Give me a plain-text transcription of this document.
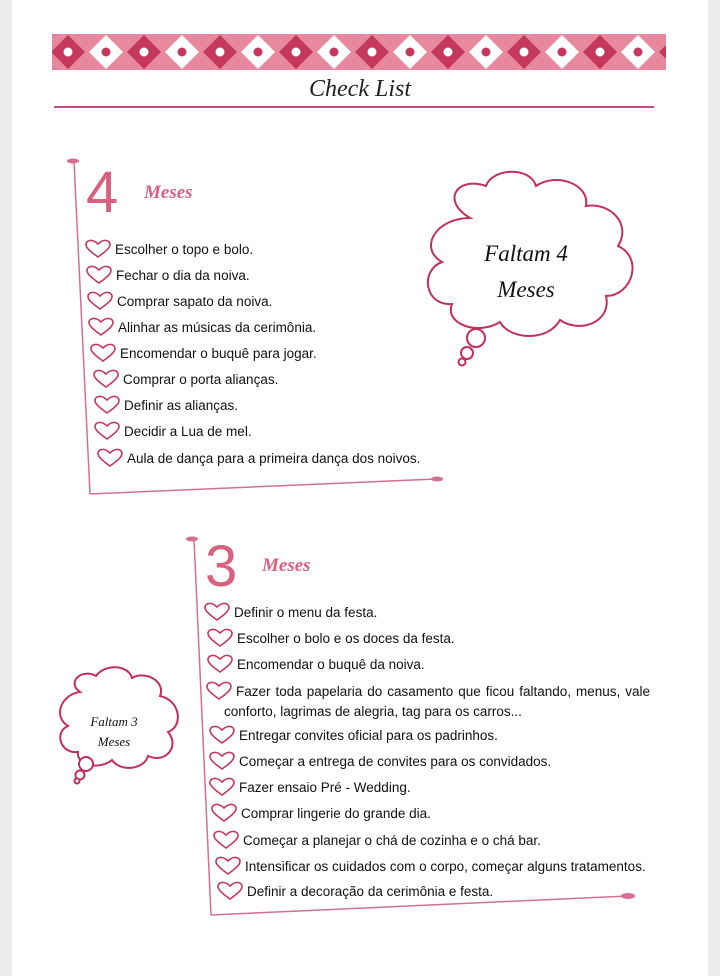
Check List
4 Meses
Faltam 4
Meses
Escolher o topo e bolo.
Fechar o dia da noiva.
Comprar sapato da noiva.
Alinhar as músicas da cerimônia.
Encomendar o buquê para jogar.
Comprar o porta alianças.
Definir as alianças.
Decidir a Lua de mel.
Aula de dança para a primeira dança dos noivos.
3 Meses
Faltam 3
Meses
Definir o menu da festa.
Escolher o bolo e os doces da festa.
Encomendar o buquê da noiva.
Fazer toda papelaria do casamento que ficou faltando, menus, vale
conforto, lagrimas de alegria, tag para os carros...
Entregar convites oficial para os padrinhos.
Começar a entrega de convites para os convidados.
Fazer ensaio Pré - Wedding.
Comprar lingerie do grande dia.
Começar a planejar o chá de cozinha e o chá bar.
Intensificar os cuidados com o corpo, começar alguns tratamentos.
Definir a decoração da cerimônia e festa.
